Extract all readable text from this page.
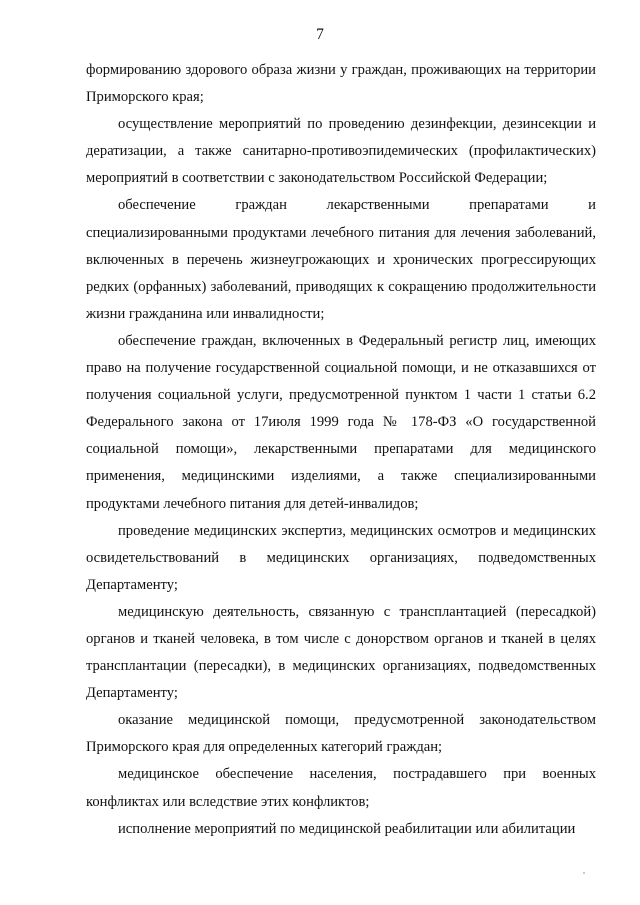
7

формированию здорового образа жизни у граждан, проживающих на территории Приморского края;

осуществление мероприятий по проведению дезинфекции, дезинсекции и дератизации, а также санитарно-противоэпидемических (профилактических) мероприятий в соответствии с законодательством Российской Федерации;

обеспечение граждан лекарственными препаратами и специализированными продуктами лечебного питания для лечения заболеваний, включенных в перечень жизнеугрожающих и хронических прогрессирующих редких (орфанных) заболеваний, приводящих к сокращению продолжительности жизни гражданина или инвалидности;

обеспечение граждан, включенных в Федеральный регистр лиц, имеющих право на получение государственной социальной помощи, и не отказавшихся от получения социальной услуги, предусмотренной пунктом 1 части 1 статьи 6.2 Федерального закона от 17июля 1999 года № 178-ФЗ «О государственной социальной помощи», лекарственными препаратами для медицинского применения, медицинскими изделиями, а также специализированными продуктами лечебного питания для детей-инвалидов;

проведение медицинских экспертиз, медицинских осмотров и медицинских освидетельствований в медицинских организациях, подведомственных Департаменту;

медицинскую деятельность, связанную с трансплантацией (пересадкой) органов и тканей человека, в том числе с донорством органов и тканей в целях трансплантации (пересадки), в медицинских организациях, подведомственных Департаменту;

оказание медицинской помощи, предусмотренной законодательством Приморского края для определенных категорий граждан;

медицинское обеспечение населения, пострадавшего при военных конфликтах или вследствие этих конфликтов;

исполнение мероприятий по медицинской реабилитации или абилитации
